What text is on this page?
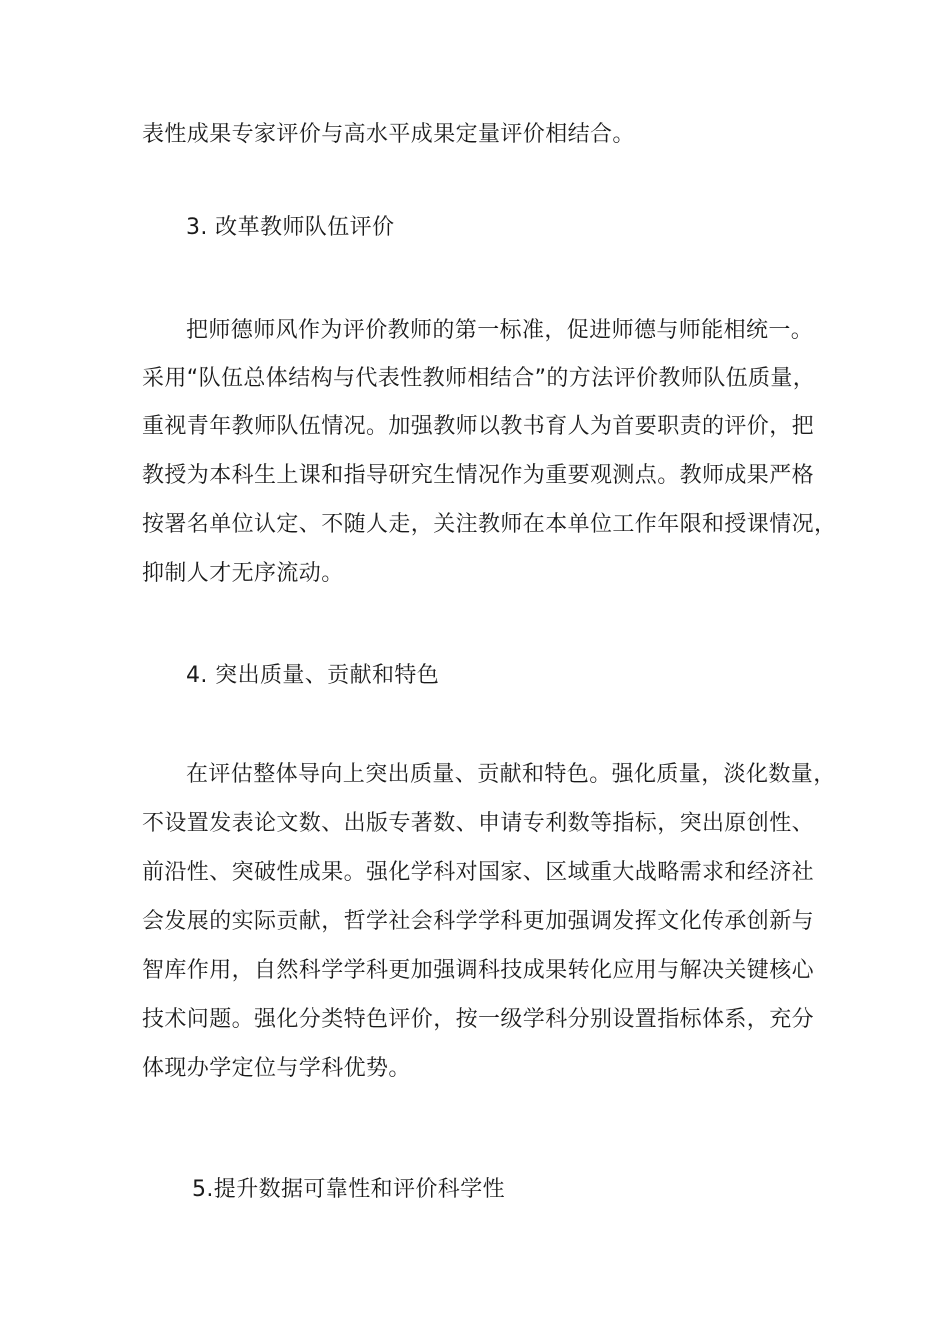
表性成果专家评价与高水平成果定量评价相结合。
3. 改革教师队伍评价
把师德师风作为评价教师的第一标准，促进师德与师能相统一。
采用“队伍总体结构与代表性教师相结合”的方法评价教师队伍质量，
重视青年教师队伍情况。加强教师以教书育人为首要职责的评价，把
教授为本科生上课和指导研究生情况作为重要观测点。教师成果严格
按署名单位认定、不随人走，关注教师在本单位工作年限和授课情况，
抑制人才无序流动。
4. 突出质量、贡献和特色
在评估整体导向上突出质量、贡献和特色。强化质量，淡化数量，
不设置发表论文数、出版专著数、申请专利数等指标，突出原创性、
前沿性、突破性成果。强化学科对国家、区域重大战略需求和经济社
会发展的实际贡献，哲学社会科学学科更加强调发挥文化传承创新与
智库作用，自然科学学科更加强调科技成果转化应用与解决关键核心
技术问题。强化分类特色评价，按一级学科分别设置指标体系，充分
体现办学定位与学科优势。
5.提升数据可靠性和评价科学性
